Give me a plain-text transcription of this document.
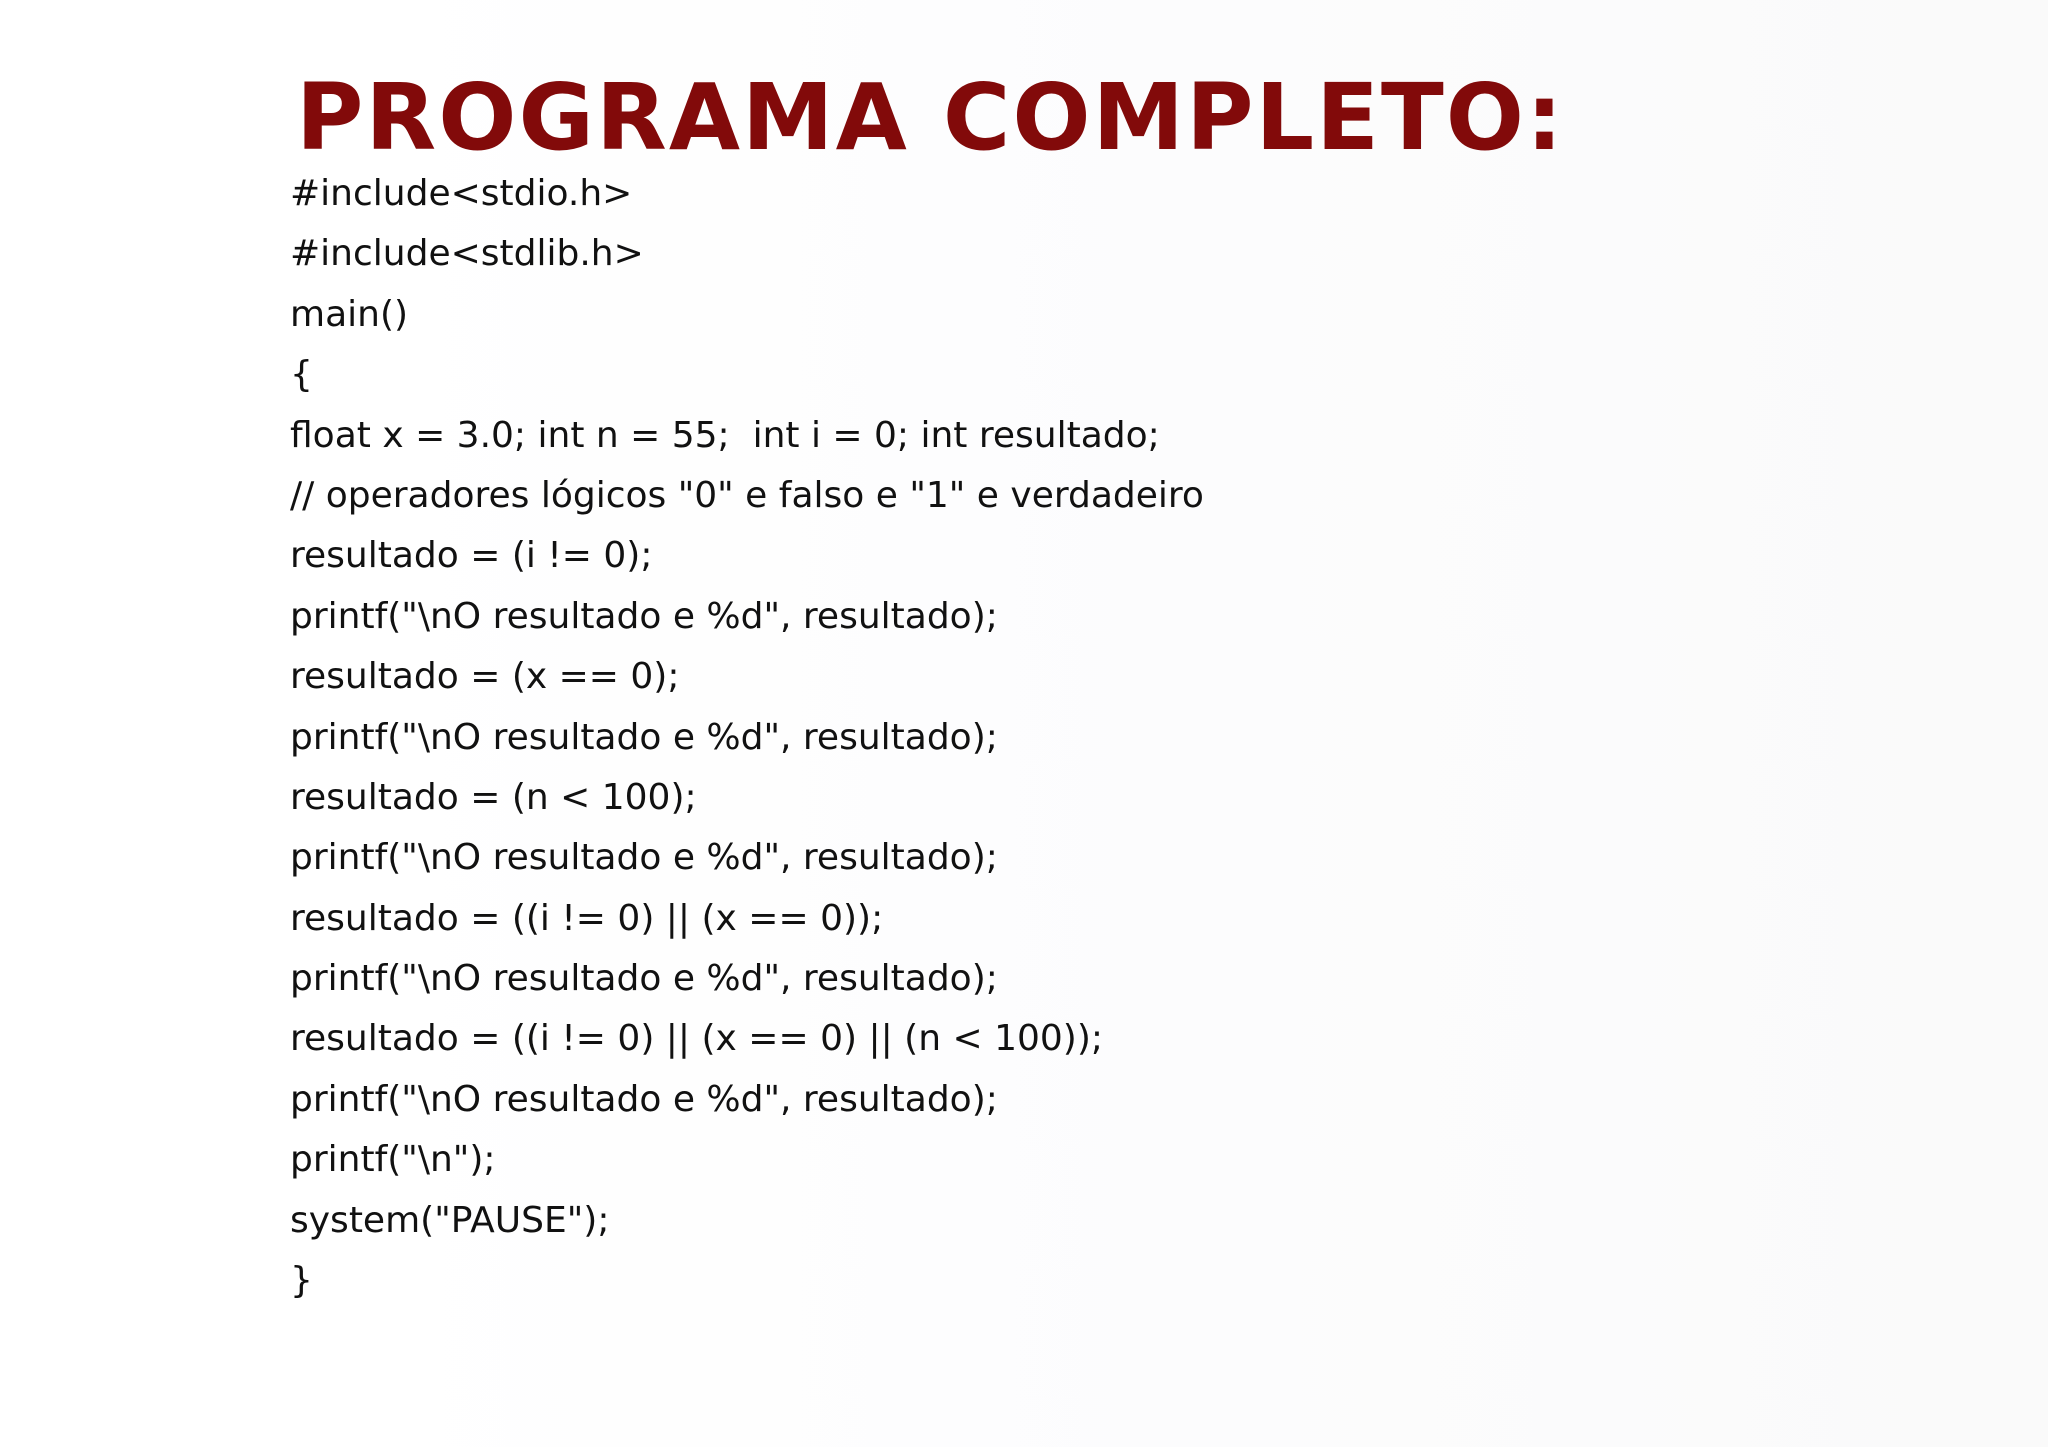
PROGRAMA COMPLETO:
#include<stdio.h>
#include<stdlib.h>
main()
{
float x = 3.0; int n = 55;  int i = 0; int resultado;
// operadores lógicos "0" e falso e "1" e verdadeiro
resultado = (i != 0);
printf("\nO resultado e %d", resultado);
resultado = (x == 0);
printf("\nO resultado e %d", resultado);
resultado = (n < 100);
printf("\nO resultado e %d", resultado);
resultado = ((i != 0) || (x == 0));
printf("\nO resultado e %d", resultado);
resultado = ((i != 0) || (x == 0) || (n < 100));
printf("\nO resultado e %d", resultado);
printf("\n");
system("PAUSE");
}
